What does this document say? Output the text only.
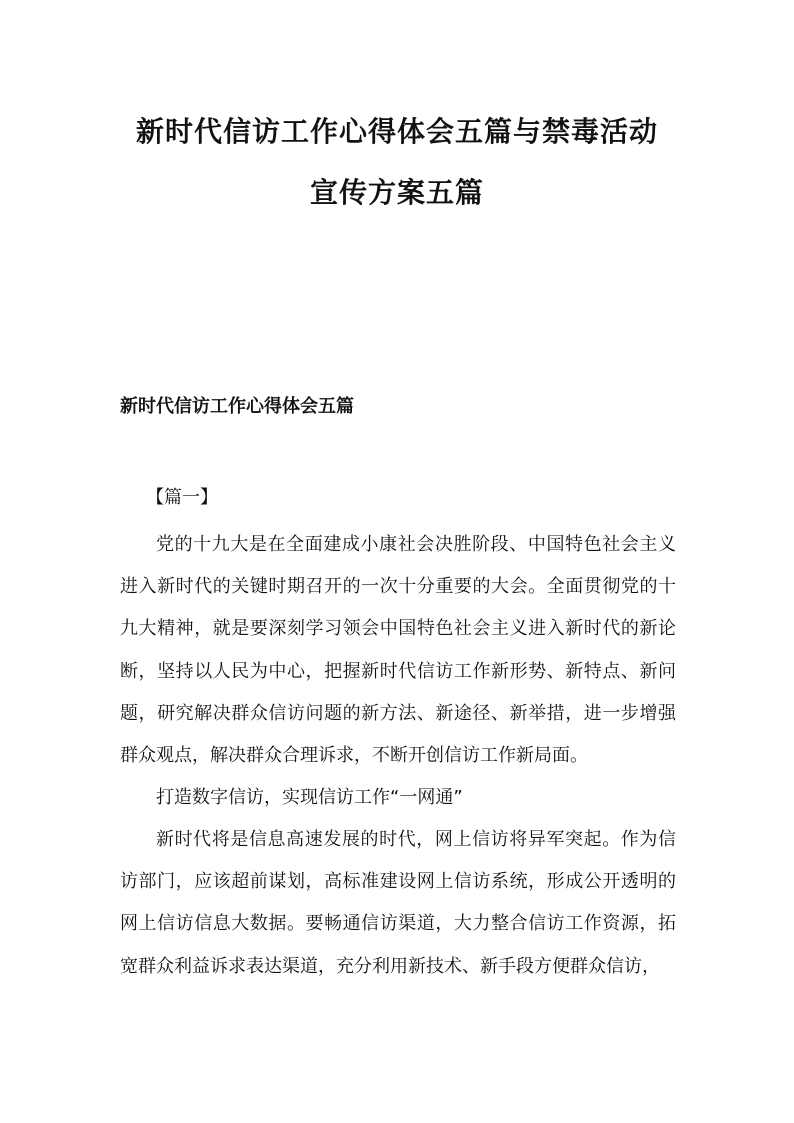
新时代信访工作心得体会五篇与禁毒活动
宣传方案五篇
新时代信访工作心得体会五篇
【篇一】

党的十九大是在全面建成小康社会决胜阶段、中国特色社会主义进入新时代的关键时期召开的一次十分重要的大会。全面贯彻党的十九大精神，就是要深刻学习领会中国特色社会主义进入新时代的新论断，坚持以人民为中心，把握新时代信访工作新形势、新特点、新问题，研究解决群众信访问题的新方法、新途径、新举措，进一步增强群众观点，解决群众合理诉求，不断开创信访工作新局面。

打造数字信访，实现信访工作“一网通”

新时代将是信息高速发展的时代，网上信访将异军突起。作为信访部门，应该超前谋划，高标准建设网上信访系统，形成公开透明的网上信访信息大数据。要畅通信访渠道，大力整合信访工作资源，拓宽群众利益诉求表达渠道，充分利用新技术、新手段方便群众信访，
